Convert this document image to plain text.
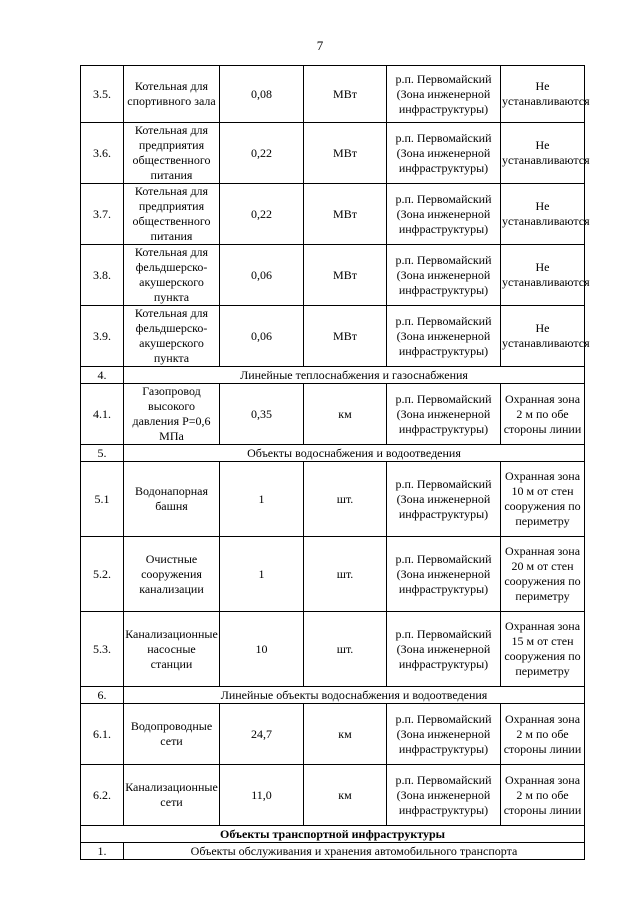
7
3.5.	Котельная для спортивного зала	0,08	МВт	р.п. Первомайский (Зона инженерной инфраструктуры)	Не устанавливаются
3.6.	Котельная для предприятия общественного питания	0,22	МВт	р.п. Первомайский (Зона инженерной инфраструктуры)	Не устанавливаются
3.7.	Котельная для предприятия общественного питания	0,22	МВт	р.п. Первомайский (Зона инженерной инфраструктуры)	Не устанавливаются
3.8.	Котельная для фельдшерско-акушерского пункта	0,06	МВт	р.п. Первомайский (Зона инженерной инфраструктуры)	Не устанавливаются
3.9.	Котельная для фельдшерско-акушерского пункта	0,06	МВт	р.п. Первомайский (Зона инженерной инфраструктуры)	Не устанавливаются
4.	Линейные теплоснабжения и газоснабжения				
4.1.	Газопровод высокого давления P=0,6 МПа	0,35	км	р.п. Первомайский (Зона инженерной инфраструктуры)	Охранная зона 2 м по обе стороны линии
5.	Объекты водоснабжения и водоотведения				
5.1	Водонапорная башня	1	шт.	р.п. Первомайский (Зона инженерной инфраструктуры)	Охранная зона 10 м от стен сооружения по периметру
5.2.	Очистные сооружения канализации	1	шт.	р.п. Первомайский (Зона инженерной инфраструктуры)	Охранная зона 20 м от стен сооружения по периметру
5.3.	Канализационные насосные станции	10	шт.	р.п. Первомайский (Зона инженерной инфраструктуры)	Охранная зона 15 м от стен сооружения по периметру
6.	Линейные объекты водоснабжения и водоотведения				
6.1.	Водопроводные сети	24,7	км	р.п. Первомайский (Зона инженерной инфраструктуры)	Охранная зона 2 м по обе стороны линии
6.2.	Канализационные сети	11,0	км	р.п. Первомайский (Зона инженерной инфраструктуры)	Охранная зона 2 м по обе стороны линии
Объекты транспортной инфраструктуры					
1.	Объекты обслуживания и хранения автомобильного транспорта				
